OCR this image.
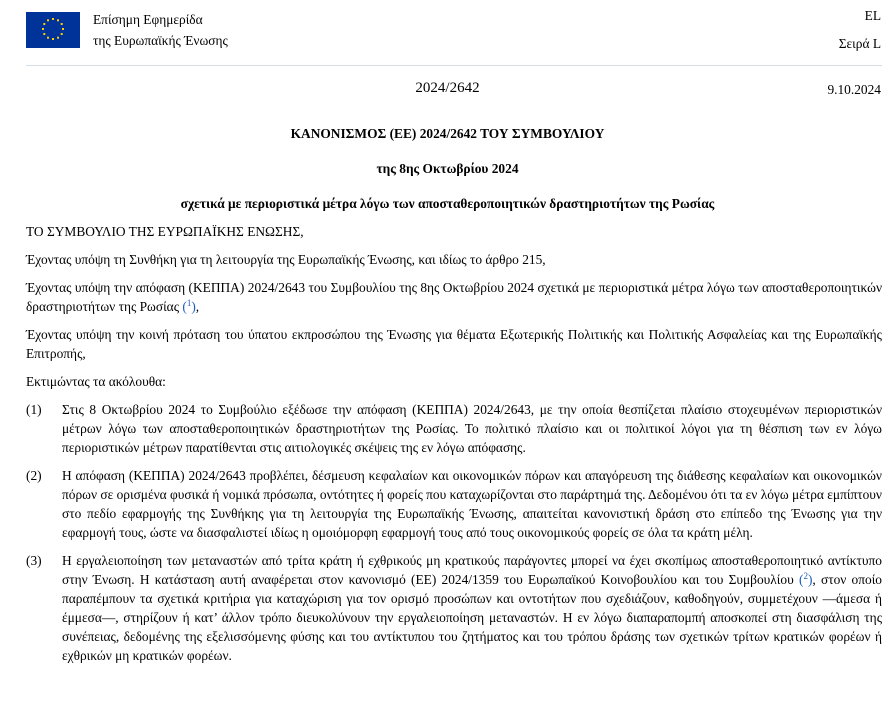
Επίσημη Εφημερίδα
της Ευρωπαϊκής Ένωσης
EL
Σειρά L
2024/2642	9.10.2024
ΚΑΝΟΝΙΣΜΟΣ (ΕΕ) 2024/2642 ΤΟΥ ΣΥΜΒΟΥΛΙΟΥ
της 8ης Οκτωβρίου 2024
σχετικά με περιοριστικά μέτρα λόγω των αποσταθεροποιητικών δραστηριοτήτων της Ρωσίας

ΤΟ ΣΥΜΒΟΥΛΙΟ ΤΗΣ ΕΥΡΩΠΑΪΚΗΣ ΕΝΩΣΗΣ,

Έχοντας υπόψη τη Συνθήκη για τη λειτουργία της Ευρωπαϊκής Ένωσης, και ιδίως το άρθρο 215,

Έχοντας υπόψη την απόφαση (ΚΕΠΠΑ) 2024/2643 του Συμβουλίου της 8ης Οκτωβρίου 2024 σχετικά με περιοριστικά μέτρα λόγω των αποσταθεροποιητικών δραστηριοτήτων της Ρωσίας ($^1$),

Έχοντας υπόψη την κοινή πρόταση του ύπατου εκπροσώπου της Ένωσης για θέματα Εξωτερικής Πολιτικής και Πολιτικής Ασφαλείας και της Ευρωπαϊκής Επιτροπής,

Εκτιμώντας τα ακόλουθα:

(1)	Στις 8 Οκτωβρίου 2024 το Συμβούλιο εξέδωσε την απόφαση (ΚΕΠΠΑ) 2024/2643, με την οποία θεσπίζεται πλαίσιο στοχευμένων περιοριστικών μέτρων λόγω των αποσταθεροποιητικών δραστηριοτήτων της Ρωσίας. Το πολιτικό πλαίσιο και οι πολιτικοί λόγοι για τη θέσπιση των εν λόγω περιοριστικών μέτρων παρατίθενται στις αιτιολογικές σκέψεις της εν λόγω απόφασης.
(2)	Η απόφαση (ΚΕΠΠΑ) 2024/2643 προβλέπει, δέσμευση κεφαλαίων και οικονομικών πόρων και απαγόρευση της διάθεσης κεφαλαίων και οικονομικών πόρων σε ορισμένα φυσικά ή νομικά πρόσωπα, οντότητες ή φορείς που καταχωρίζονται στο παράρτημά της. Δεδομένου ότι τα εν λόγω μέτρα εμπίπτουν στο πεδίο εφαρμογής της Συνθήκης για τη λειτουργία της Ευρωπαϊκής Ένωσης, απαιτείται κανονιστική δράση στο επίπεδο της Ένωσης για την εφαρμογή τους, ώστε να διασφαλιστεί ιδίως η ομοιόμορφη εφαρμογή τους από τους οικονομικούς φορείς σε όλα τα κράτη μέλη.
(3)	Η εργαλειοποίηση των μεταναστών από τρίτα κράτη ή εχθρικούς μη κρατικούς παράγοντες μπορεί να έχει σκοπίμως αποσταθεροποιητικό αντίκτυπο στην Ένωση. Η κατάσταση αυτή αναφέρεται στον κανονισμό (ΕΕ) 2024/1359 του Ευρωπαϊκού Κοινοβουλίου και του Συμβουλίου ($^2$), στον οποίο παραπέμπουν τα σχετικά κριτήρια για καταχώριση για τον ορισμό προσώπων και οντοτήτων που σχεδιάζουν, καθοδηγούν, συμμετέχουν —άμεσα ή έμμεσα—, στηρίζουν ή κατ’ άλλον τρόπο διευκολύνουν την εργαλειοποίηση μεταναστών. Η εν λόγω διαπαραπομπή αποσκοπεί στη διασφάλιση της συνέπειας, δεδομένης της εξελισσόμενης φύσης και του αντίκτυπου του ζητήματος και του τρόπου δράσης των σχετικών τρίτων κρατικών φορέων ή εχθρικών μη κρατικών φορέων.
